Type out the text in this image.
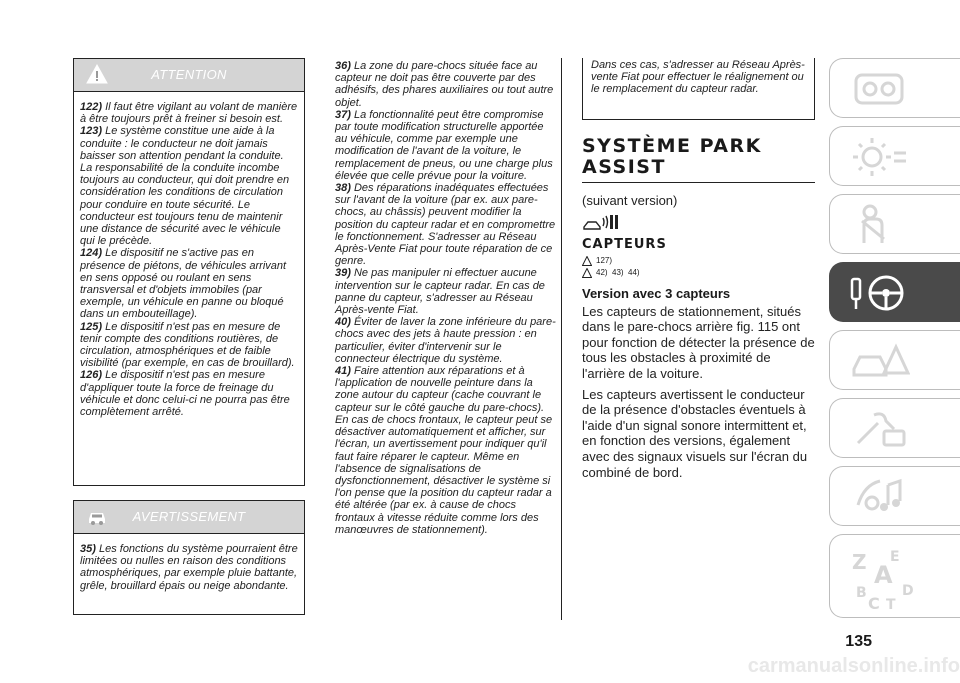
ATTENTION

122) Il faut être vigilant au volant de manière à être toujours prêt à freiner si besoin est.

123) Le système constitue une aide à la conduite : le conducteur ne doit jamais baisser son attention pendant la conduite. La responsabilité de la conduite incombe toujours au conducteur, qui doit prendre en considération les conditions de circulation pour conduire en toute sécurité. Le conducteur est toujours tenu de maintenir une distance de sécurité avec le véhicule qui le précède.

124) Le dispositif ne s'active pas en présence de piétons, de véhicules arrivant en sens opposé ou roulant en sens transversal et d'objets immobiles (par exemple, un véhicule en panne ou bloqué dans un embouteillage).

125) Le dispositif n'est pas en mesure de tenir compte des conditions routières, de circulation, atmosphériques et de faible visibilité (par exemple, en cas de brouillard).

126) Le dispositif n'est pas en mesure d'appliquer toute la force de freinage du véhicule et donc celui-ci ne pourra pas être complètement arrêté.

AVERTISSEMENT

35) Les fonctions du système pourraient être limitées ou nulles en raison des conditions atmosphériques, par exemple pluie battante, grêle, brouillard épais ou neige abondante.

36) La zone du pare-chocs située face au capteur ne doit pas être couverte par des adhésifs, des phares auxiliaires ou tout autre objet.

37) La fonctionnalité peut être compromise par toute modification structurelle apportée au véhicule, comme par exemple une modification de l'avant de la voiture, le remplacement de pneus, ou une charge plus élevée que celle prévue pour la voiture.

38) Des réparations inadéquates effectuées sur l'avant de la voiture (par ex. aux pare-chocs, au châssis) peuvent modifier la position du capteur radar et en compromettre le fonctionnement. S'adresser au Réseau Après-Vente Fiat pour toute réparation de ce genre.

39) Ne pas manipuler ni effectuer aucune intervention sur le capteur radar. En cas de panne du capteur, s'adresser au Réseau Après-vente Fiat.

40) Éviter de laver la zone inférieure du pare-chocs avec des jets à haute pression : en particulier, éviter d'intervenir sur le connecteur électrique du système.

41) Faire attention aux réparations et à l'application de nouvelle peinture dans la zone autour du capteur (cache couvrant le capteur sur le côté gauche du pare-chocs). En cas de chocs frontaux, le capteur peut se désactiver automatiquement et afficher, sur l'écran, un avertissement pour indiquer qu'il faut faire réparer le capteur. Même en l'absence de signalisations de dysfonctionnement, désactiver le système si l'on pense que la position du capteur radar a été altérée (par ex. à cause de chocs frontaux à vitesse réduite comme lors des manœuvres de stationnement).

Dans ces cas, s'adresser au Réseau Après-vente Fiat pour effectuer le réalignement ou le remplacement du capteur radar.
SYSTÈME PARK ASSIST

(suivant version)

CAPTEURS
127)
42)  43)  44)
Version avec 3 capteurs

Les capteurs de stationnement, situés dans le pare-chocs arrière fig. 115 ont pour fonction de détecter la présence de tous les obstacles à proximité de l'arrière de la voiture.

Les capteurs avertissent le conducteur de la présence d'obstacles éventuels à l'aide d'un signal sonore intermittent et, en fonction des versions, également avec des signaux visuels sur l'écran du combiné de bord.

Z E
A
B	D
C T
135
carmanualsonline.info
